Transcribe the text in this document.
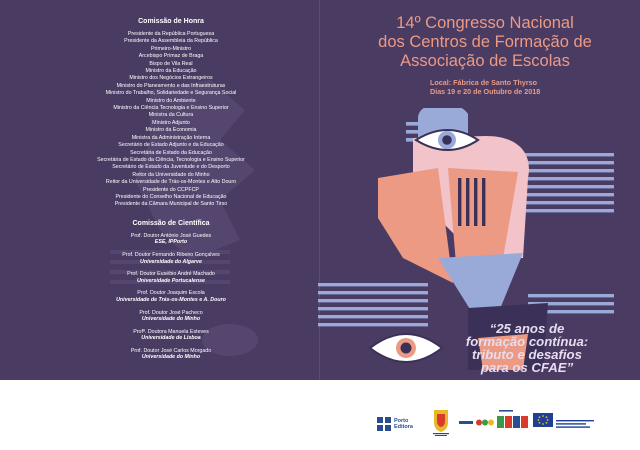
Comissão de Honra
Presidente da República Portuguesa
Presidente da Assembleia da República
Primeiro-Ministro
Arcebispo Primaz de Braga
Bispo de Vila Real
Ministro da Educação
Ministro dos Negócios Estrangeiros
Ministro do Planeamento e das Infraestruturas
Ministro do Trabalho, Solidariedade e Segurança Social
Ministro do Ambiente
Ministro da Ciência Tecnologia e Ensino Superior
Ministra da Cultura
Ministro Adjunto
Ministro da Economia
Ministra da Administração Interna
Secretário de Estado Adjunto e da Educação
Secretária de Estado da Educação
Secretária de Estado da Ciência, Tecnologia e Ensino Superior
Secretário de Estado da Juventude e do Desporto
Reitor da Universidade do Minho
Reitor da Universidade de Trás-os-Montes e Alto Douro
Presidente do CCPFCP
Presidente do Conselho Nacional de Educação
Presidente da Câmara Municipal de Santo Tirso
Comissão de Científica
Prof. Doutor António José Guedes
ESE, IPPorto
Prof. Doutor Fernando Ribeiro Gonçalves
Universidade do Algarve
Prof. Doutor Eusébio André Machado
Universidade Portucalense
Prof. Doutor Joaquim Escola
Universidade de Trás-os-Montes e A. Douro
Prof. Doutor José Pacheco
Universidade do Minho
Profª. Doutora Manuela Esteves
Universidade de Lisboa
Prof. Doutor José Carlos Morgado
Universidade do Minho
14º Congresso Nacional
dos Centros de Formação de
Associação de Escolas
Local: Fábrica de Santo Thyrso
Dias 19 e 20 de Outubro de 2018
“25 anos de
formação contínua:
tributo e desafios
para os CFAE”
Porto
Editora
